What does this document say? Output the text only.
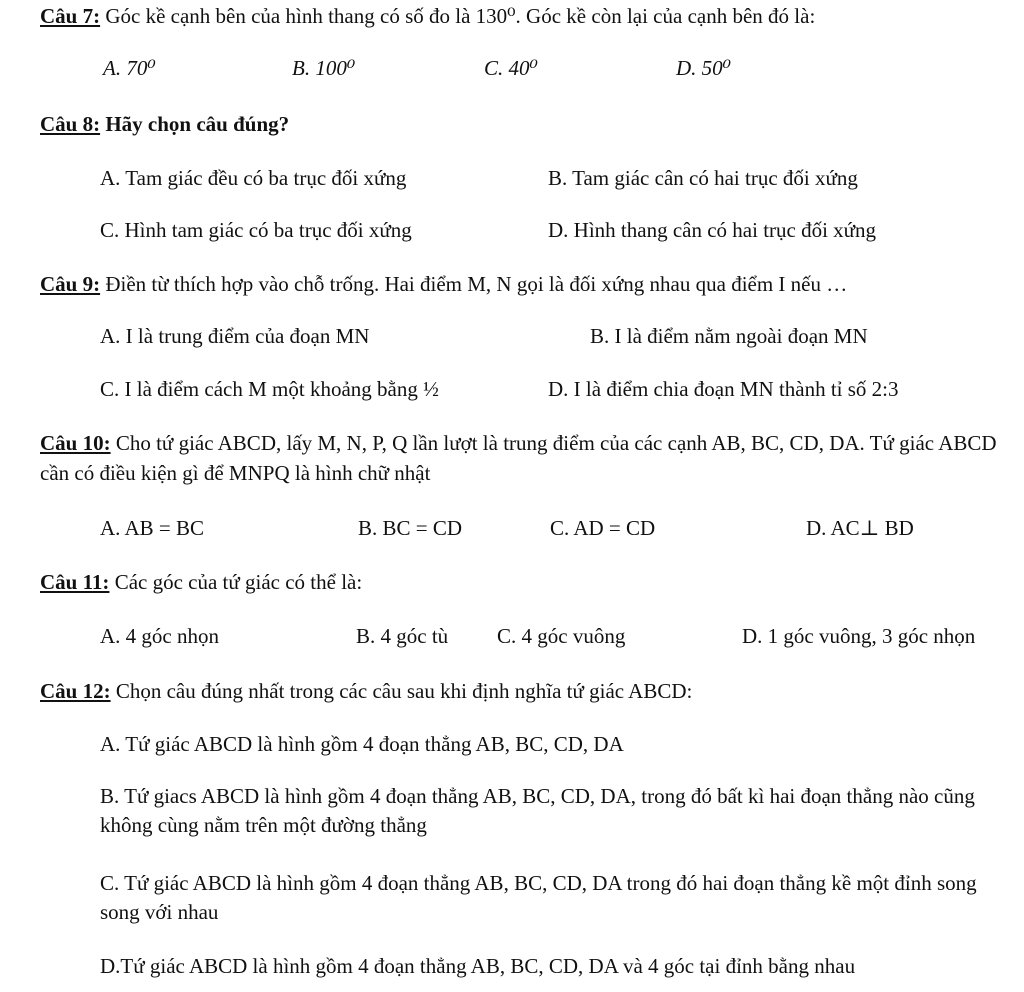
Câu 7: Góc kề cạnh bên của hình thang có số đo là 130⁰. Góc kề còn lại của cạnh bên đó là:
A. 70⁰	B. 100⁰	C. 40⁰	D. 50⁰
Câu 8: Hãy chọn câu đúng?
A. Tam giác đều có ba trục đối xứng	B. Tam giác cân có hai trục đối xứng
C. Hình tam giác có ba trục đối xứng	D. Hình thang cân có hai trục đối xứng
Câu 9: Điền từ thích hợp vào chỗ trống. Hai điểm M, N gọi là đối xứng nhau qua điểm I nếu …
A. I là trung điểm của đoạn MN	B. I là điểm nằm ngoài đoạn MN
C. I là điểm cách M một khoảng bằng ½	D. I là điểm chia đoạn MN thành tỉ số 2:3
Câu 10: Cho tứ giác ABCD, lấy M, N, P, Q lần lượt là trung điểm của các cạnh AB, BC, CD, DA. Tứ giác ABCD cần có điều kiện gì để MNPQ là hình chữ nhật
A. AB = BC	B. BC = CD	C. AD = CD	D. AC⊥ BD
Câu 11: Các góc của tứ giác có thể là:
A. 4 góc nhọn	B. 4 góc tù C. 4 góc vuông	D. 1 góc vuông, 3 góc nhọn
Câu 12: Chọn câu đúng nhất trong các câu sau khi định nghĩa tứ giác ABCD:
A. Tứ giác ABCD là hình gồm 4 đoạn thẳng AB, BC, CD, DA
B. Tứ giacs ABCD là hình gồm 4 đoạn thẳng AB, BC, CD, DA, trong đó bất kì hai đoạn thẳng nào cũng không cùng nằm trên một đường thẳng
C. Tứ giác ABCD là hình gồm 4 đoạn thẳng AB, BC, CD, DA trong đó hai đoạn thẳng kề một đỉnh song song với nhau
D.Tứ giác ABCD là hình gồm 4 đoạn thẳng AB, BC, CD, DA và 4 góc tại đỉnh bằng nhau
